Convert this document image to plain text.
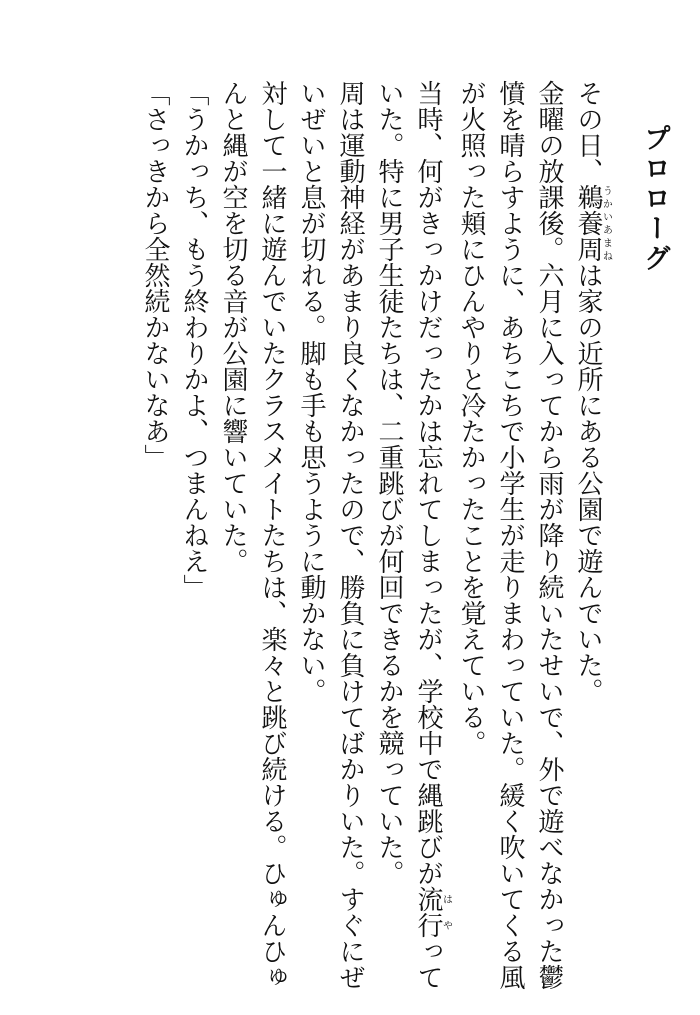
プロローグ

その日、鵜養周うかいあまねは家の近所にある公園で遊んでいた。

金曜の放課後。六月に入ってから雨が降り続いたせいで、外で遊べなかった鬱憤を晴らすように、あちこちで小学生が走りまわっていた。緩く吹いてくる風が火照った頬にひんやりと冷たかったことを覚えている。

当時、何がきっかけだったかは忘れてしまったが、学校中で縄跳びが流行はやっていた。特に男子生徒たちは、二重跳びが何回できるかを競っていた。

周は運動神経があまり良くなかったので、勝負に負けてばかりいた。すぐにぜいぜいと息が切れる。脚も手も思うように動かない。

対して一緒に遊んでいたクラスメイトたちは、楽々と跳び続ける。ひゅんひゅんと縄が空を切る音が公園に響いていた。

「うかっち、もう終わりかよ、つまんねえ」

「さっきから全然続かないなあ」
